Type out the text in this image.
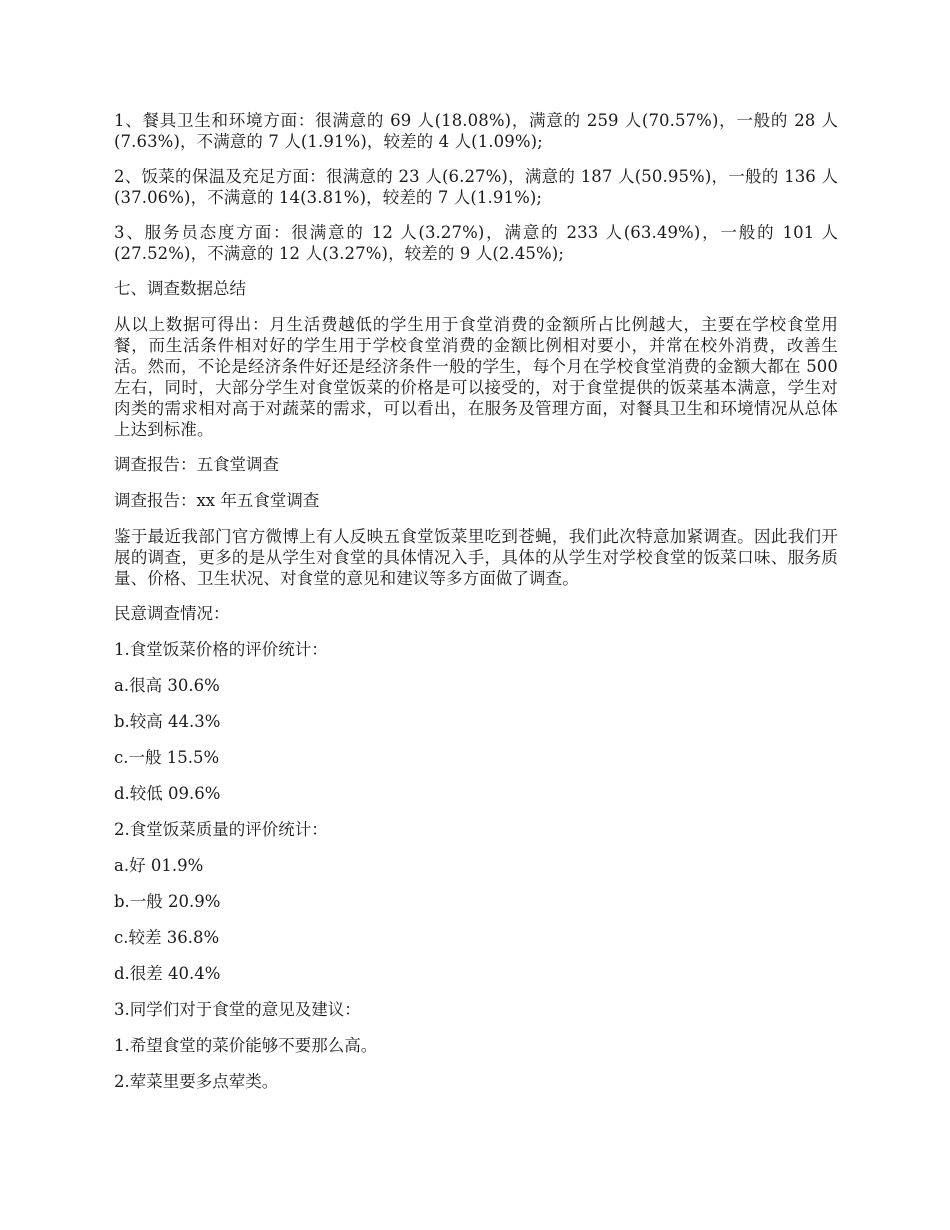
1、餐具卫生和环境方面：很满意的 69 人(18.08%)，满意的 259 人(70.57%)，一般的 28 人(7.63%)，不满意的 7 人(1.91%)，较差的 4 人(1.09%);

2、饭菜的保温及充足方面：很满意的 23 人(6.27%)，满意的 187 人(50.95%)，一般的 136 人(37.06%)，不满意的 14(3.81%)，较差的 7 人(1.91%);

3、服务员态度方面：很满意的 12 人(3.27%)，满意的 233 人(63.49%)，一般的 101 人(27.52%)，不满意的 12 人(3.27%)，较差的 9 人(2.45%);

七、调查数据总结

从以上数据可得出：月生活费越低的学生用于食堂消费的金额所占比例越大，主要在学校食堂用餐，而生活条件相对好的学生用于学校食堂消费的金额比例相对要小，并常在校外消费，改善生活。然而，不论是经济条件好还是经济条件一般的学生，每个月在学校食堂消费的金额大都在 500 左右，同时，大部分学生对食堂饭菜的价格是可以接受的，对于食堂提供的饭菜基本满意，学生对肉类的需求相对高于对蔬菜的需求，可以看出，在服务及管理方面，对餐具卫生和环境情况从总体上达到标准。

调查报告：五食堂调查

调查报告：xx 年五食堂调查

鉴于最近我部门官方微博上有人反映五食堂饭菜里吃到苍蝇，我们此次特意加紧调查。因此我们开展的调查，更多的是从学生对食堂的具体情况入手，具体的从学生对学校食堂的饭菜口味、服务质量、价格、卫生状况、对食堂的意见和建议等多方面做了调查。

民意调查情况：

1.食堂饭菜价格的评价统计：

a.很高 30.6%

b.较高 44.3%

c.一般 15.5%

d.较低 09.6%

2.食堂饭菜质量的评价统计：

a.好 01.9%

b.一般 20.9%

c.较差 36.8%

d.很差 40.4%

3.同学们对于食堂的意见及建议：

1.希望食堂的菜价能够不要那么高。

2.荤菜里要多点荤类。
